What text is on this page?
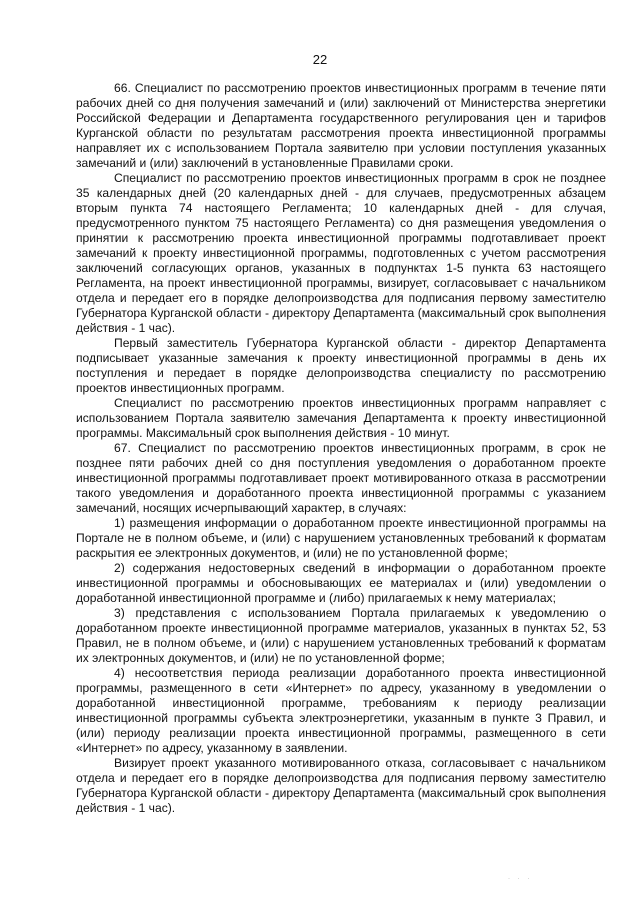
22

66. Специалист по рассмотрению проектов инвестиционных программ в течение пяти рабочих дней со дня получения замечаний и (или) заключений от Министерства энергетики Российской Федерации и Департамента государственного регулирования цен и тарифов Курганской области по результатам рассмотрения проекта инвестиционной программы направляет их с использованием Портала заявителю при условии поступления указанных замечаний и (или) заключений в установленные Правилами сроки.

Специалист по рассмотрению проектов инвестиционных программ в срок не позднее 35 календарных дней (20 календарных дней - для случаев, предусмотренных абзацем вторым пункта 74 настоящего Регламента; 10 календарных дней - для случая, предусмотренного пунктом 75 настоящего Регламента) со дня размещения уведомления о принятии к рассмотрению проекта инвестиционной программы подготавливает проект замечаний к проекту инвестиционной программы, подготовленных с учетом рассмотрения заключений согласующих органов, указанных в подпунктах 1-5 пункта 63 настоящего Регламента, на проект инвестиционной программы, визирует, согласовывает с начальником отдела и передает его в порядке делопроизводства для подписания первому заместителю Губернатора Курганской области - директору Департамента (максимальный срок выполнения действия - 1 час).

Первый заместитель Губернатора Курганской области - директор Департамента подписывает указанные замечания к проекту инвестиционной программы в день их поступления и передает в порядке делопроизводства специалисту по рассмотрению проектов инвестиционных программ.

Специалист по рассмотрению проектов инвестиционных программ направляет с использованием Портала заявителю замечания Департамента к проекту инвестиционной программы. Максимальный срок выполнения действия - 10 минут.

67. Специалист по рассмотрению проектов инвестиционных программ, в срок не позднее пяти рабочих дней со дня поступления уведомления о доработанном проекте инвестиционной программы подготавливает проект мотивированного отказа в рассмотрении такого уведомления и доработанного проекта инвестиционной программы с указанием замечаний, носящих исчерпывающий характер, в случаях:

1) размещения информации о доработанном проекте инвестиционной программы на Портале не в полном объеме, и (или) с нарушением установленных требований к форматам раскрытия ее электронных документов, и (или) не по установленной форме;

2) содержания недостоверных сведений в информации о доработанном проекте инвестиционной программы и обосновывающих ее материалах и (или) уведомлении о доработанной инвестиционной программе и (либо) прилагаемых к нему материалах;

3) представления с использованием Портала прилагаемых к уведомлению о доработанном проекте инвестиционной программе материалов, указанных в пунктах 52, 53 Правил, не в полном объеме, и (или) с нарушением установленных требований к форматам их электронных документов, и (или) не по установленной форме;

4) несоответствия периода реализации доработанного проекта инвестиционной программы, размещенного в сети «Интернет» по адресу, указанному в уведомлении о доработанной инвестиционной программе, требованиям к периоду реализации инвестиционной программы субъекта электроэнергетики, указанным в пункте 3 Правил, и (или) периоду реализации проекта инвестиционной программы, размещенного в сети «Интернет» по адресу, указанному в заявлении.

Визирует проект указанного мотивированного отказа, согласовывает с начальником отдела и передает его в порядке делопроизводства для подписания первому заместителю Губернатора Курганской области - директору Департамента (максимальный срок выполнения действия - 1 час).

· · ·
